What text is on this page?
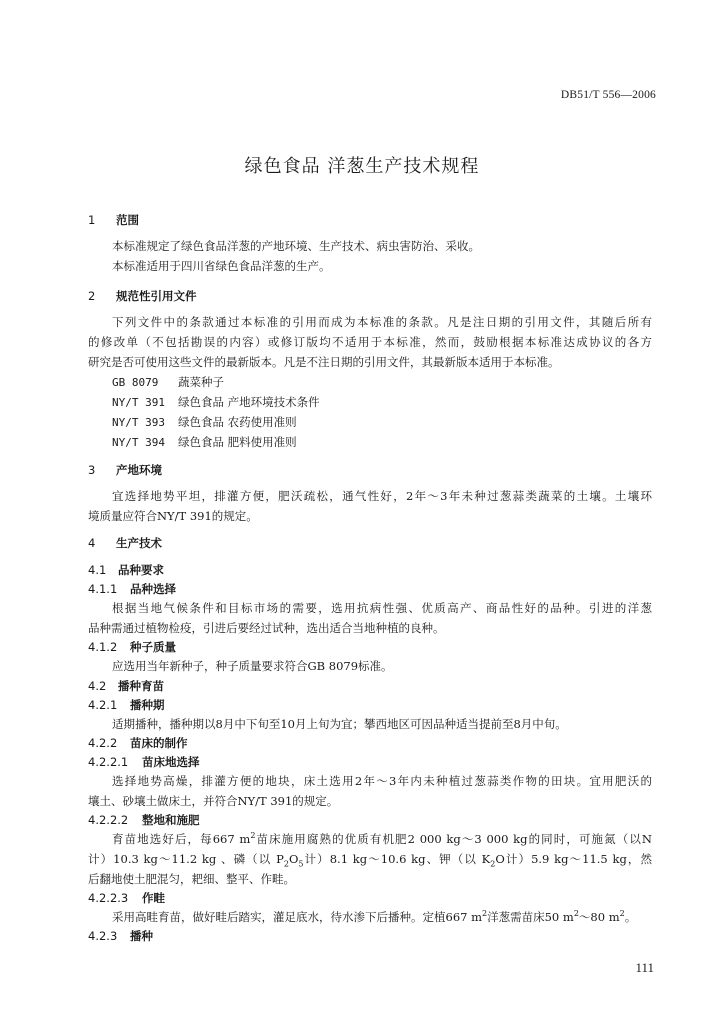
DB51/T 556—2006
绿色食品 洋葱生产技术规程
1 范围
本标准规定了绿色食品洋葱的产地环境、生产技术、病虫害防治、采收。
本标准适用于四川省绿色食品洋葱的生产。
2 规范性引用文件
下列文件中的条款通过本标准的引用而成为本标准的条款。凡是注日期的引用文件，其随后所有
的修改单（不包括勘误的内容）或修订版均不适用于本标准，然而，鼓励根据本标准达成协议的各方
研究是否可使用这些文件的最新版本。凡是不注日期的引用文件，其最新版本适用于本标准。
GB 8079 蔬菜种子
NY/T 391 绿色食品 产地环境技术条件
NY/T 393 绿色食品 农药使用准则
NY/T 394 绿色食品 肥料使用准则
3 产地环境
宜选择地势平坦，排灌方便，肥沃疏松，通气性好，2年～3年未种过葱蒜类蔬菜的土壤。土壤环
境质量应符合NY/T 391的规定。
4 生产技术
4.1 品种要求
4.1.1 品种选择
根据当地气候条件和目标市场的需要，选用抗病性强、优质高产、商品性好的品种。引进的洋葱
品种需通过植物检疫，引进后要经过试种，选出适合当地种植的良种。
4.1.2 种子质量
应选用当年新种子，种子质量要求符合GB 8079标准。
4.2 播种育苗
4.2.1 播种期
适期播种，播种期以8月中下旬至10月上旬为宜；攀西地区可因品种适当提前至8月中旬。
4.2.2 苗床的制作
4.2.2.1 苗床地选择
选择地势高燥，排灌方便的地块，床土选用2年～3年内未种植过葱蒜类作物的田块。宜用肥沃的
壤土、砂壤土做床土，并符合NY/T 391的规定。
4.2.2.2 整地和施肥
育苗地选好后，每667 $m^2$苗床施用腐熟的优质有机肥2 000 kg～3 000 kg的同时，可施氮（以N
计）10.3 kg～11.2 kg 、磷（以 $P_2O_5$计）8.1 kg～10.6 kg、钾（以 $K_2O$计）5.9 kg～11.5 kg，然
后翻地使土肥混匀，耙细、整平、作畦。
4.2.2.3 作畦
采用高畦育苗，做好畦后踏实，灌足底水，待水渗下后播种。定植667 $m^2$洋葱需苗床50 $m^2\sim 80$ $m^2$。
4.2.3 播种
111
